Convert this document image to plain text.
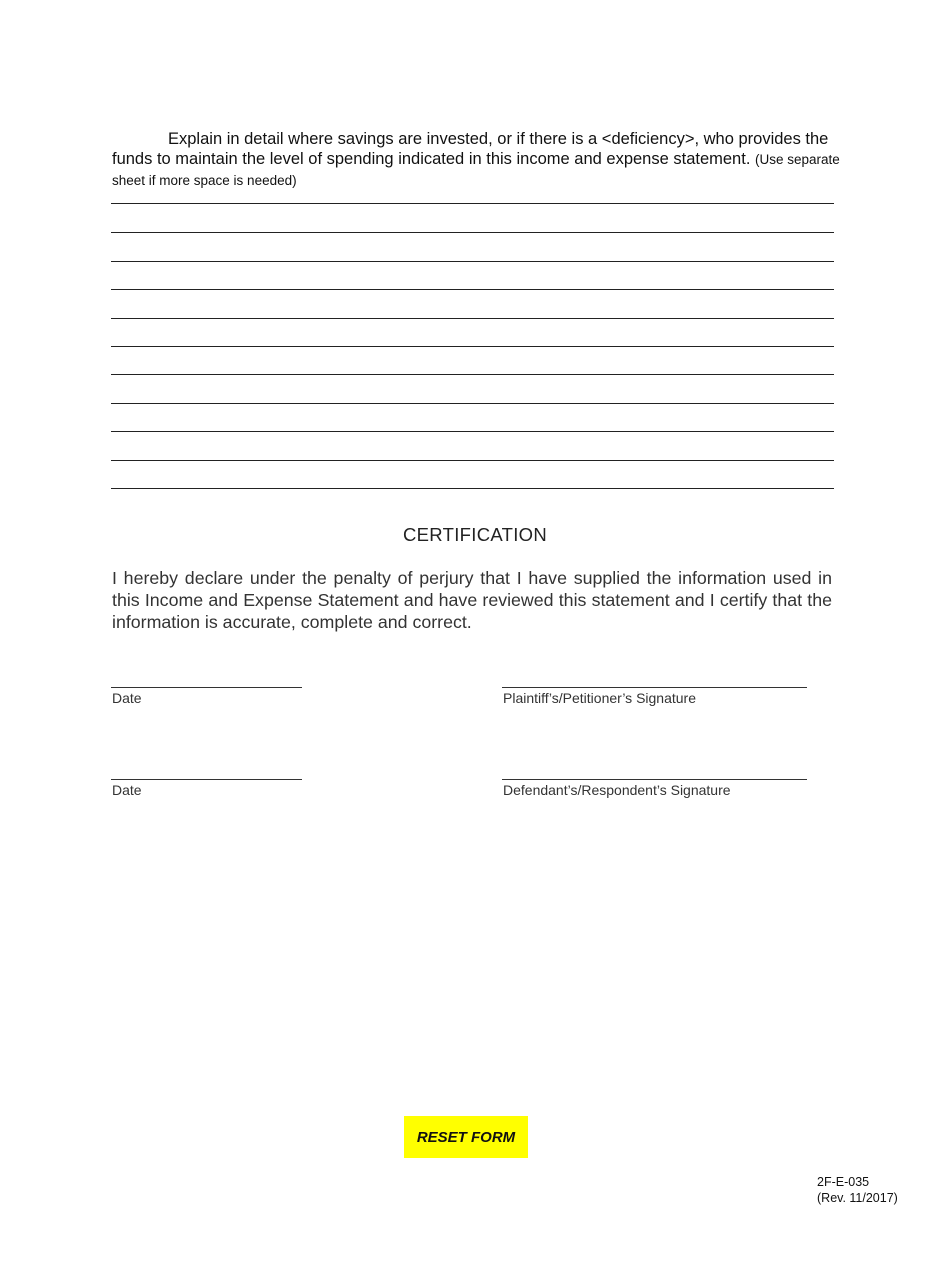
Explain in detail where savings are invested, or if there is a <deficiency>, who provides the funds to maintain the level of spending indicated in this income and expense statement. (Use separate sheet if more space is needed)
CERTIFICATION
I hereby declare under the penalty of perjury that I have supplied the information used in this Income and Expense Statement and have reviewed this statement and I certify that the information is accurate, complete and correct.
Date	Plaintiff’s/Petitioner’s Signature
Date	Defendant’s/Respondent’s Signature
RESET FORM
2F-E-035
(Rev. 11/2017)
